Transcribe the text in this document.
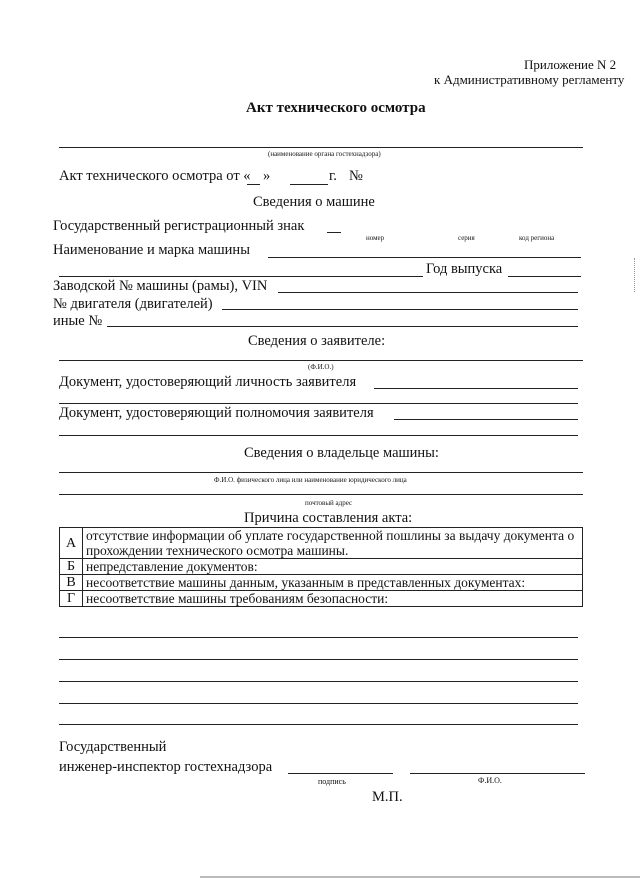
Приложение N 2
к Административному регламенту
Акт технического осмотра
(наименование органа гостехнадзора)
Акт технического осмотра от « »	г. №
Сведения о машине
Государственный регистрационный знак
номер	серия	код региона
Наименование и марка машины
Год выпуска
Заводской № машины (рамы), VIN
№ двигателя (двигателей)
иные №
Сведения о заявителе:
(Ф.И.О.)
Документ, удостоверяющий личность заявителя
Документ, удостоверяющий полномочия заявителя
Сведения о владельце машины:
Ф.И.О. физического лица или наименование юридического лица
почтовый адрес
Причина составления акта:
А	отсутствие информации об уплате государственной пошлины за выдачу документа о прохождении технического осмотра машины.
Б	непредставление документов:
В	несоответствие машины данным, указанным в представленных документах:
Г	несоответствие машины требованиям безопасности:
Государственный
инженер-инспектор гостехнадзора
подпись	Ф.И.О.
М.П.
